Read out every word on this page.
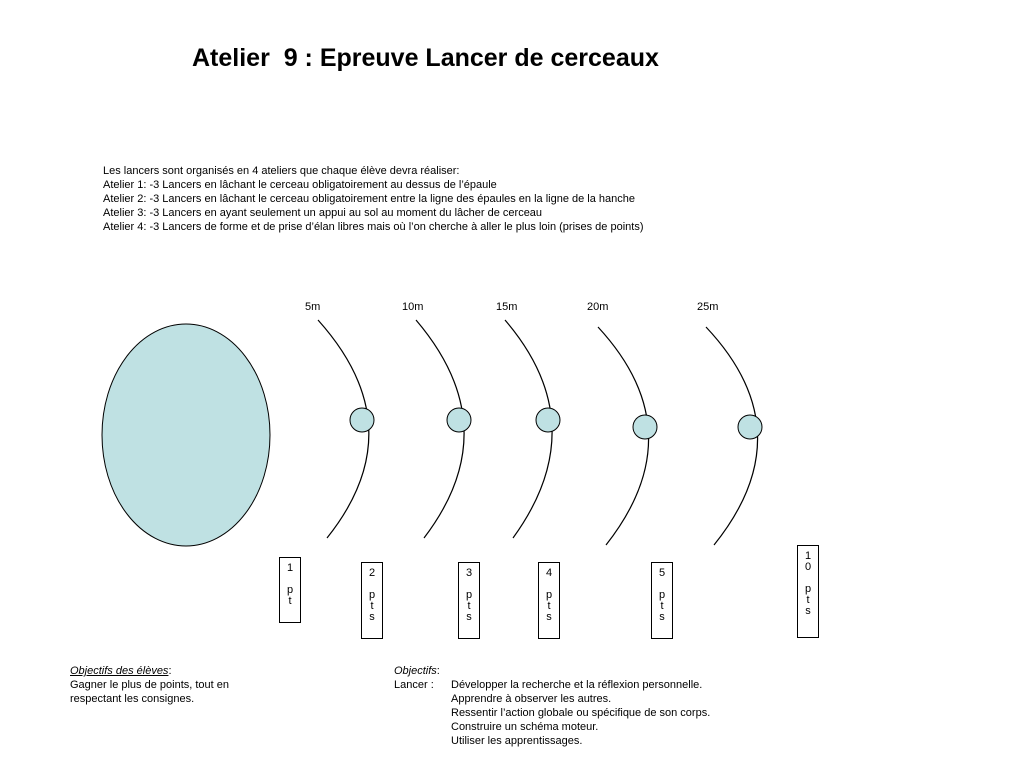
Atelier  9 : Epreuve Lancer de cerceaux
Les lancers sont organisés en 4 ateliers que chaque élève devra réaliser:
Atelier 1: -3 Lancers en lâchant le cerceau obligatoirement au dessus de l’épaule
Atelier 2: -3 Lancers en lâchant le cerceau obligatoirement entre la ligne des épaules en la ligne de la hanche
Atelier 3: -3 Lancers en ayant seulement un appui au sol au moment du lâcher de cerceau
Atelier 4: -3 Lancers de forme et de prise d’élan libres mais où l’on cherche à aller le plus loin (prises de points)
5m	10m	15m	20m	25m
1

p
t
2

p
t
s
3

p
t
s
4

p
t
s
5

p
t
s
1
0

p
t
s
Objectifs des élèves:
Gagner le plus de points, tout en
respectant les consignes.
Objectifs:
Lancer :	Développer la recherche et la réflexion personnelle.
Apprendre à observer les autres.
Ressentir l’action globale ou spécifique de son corps.
Construire un schéma moteur.
Utiliser les apprentissages.
